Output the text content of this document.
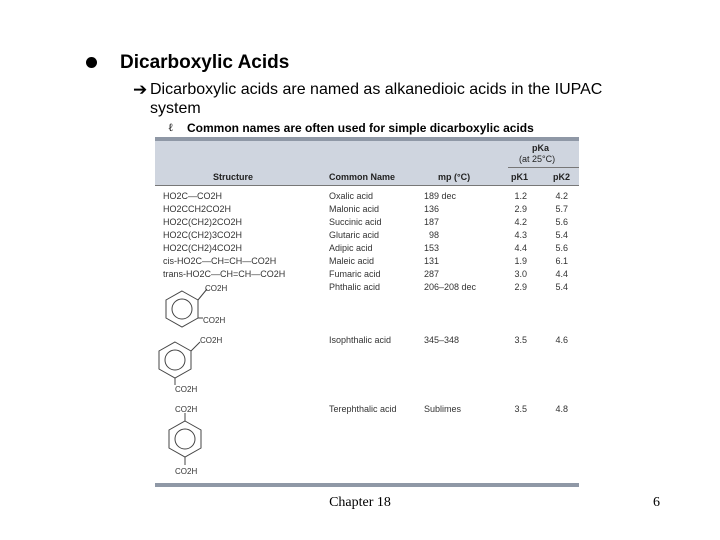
Dicarboxylic Acids
➔ Dicarboxylic acids are named as alkanedioic acids in the IUPAC
system
ℓ Common names are often used for simple dicarboxylic acids
Structure	Common Name	mp (°C)
pKa
(at 25°C)
pK1	pK2
HO2C—CO2H	Oxalic acid	189 dec	1.2	4.2
HO2CCH2CO2H	Malonic acid	136	2.9	5.7
HO2C(CH2)2CO2H	Succinic acid	187	4.2	5.6
HO2C(CH2)3CO2H	Glutaric acid	98	4.3	5.4
HO2C(CH2)4CO2H	Adipic acid	153	4.4	5.6
cis-HO2C—CH=CH—CO2H	Maleic acid	131	1.9	6.1
trans-HO2C—CH=CH—CO2H	Fumaric acid	287	3.0	4.4
Phthalic acid	206–208 dec	2.9	5.4
Isophthalic acid	345–348	3.5	4.6
Terephthalic acid	Sublimes	3.5	4.8
CO2H
CO2H
CO2H
CO2H
CO2H
CO2H
Chapter 18	6
